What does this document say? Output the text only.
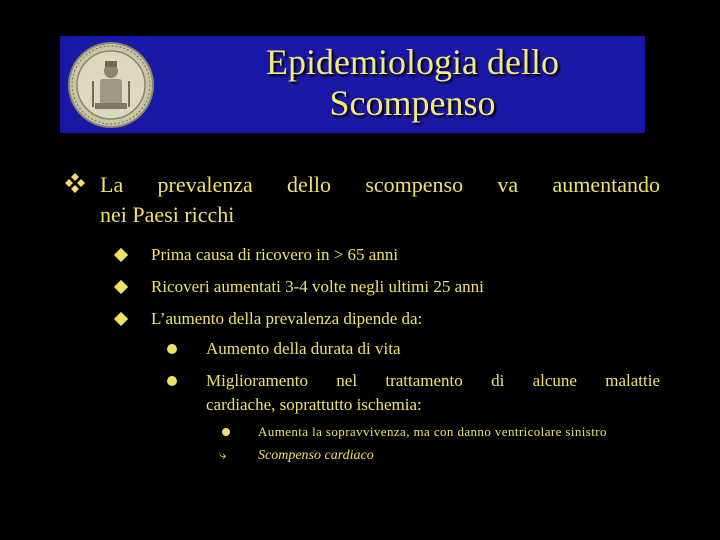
Epidemiologia dello
Scompenso
La prevalenza dello scompenso va aumentando
nei Paesi ricchi
Prima causa di ricovero in > 65 anni
Ricoveri aumentati 3-4 volte negli ultimi 25 anni
L’aumento della prevalenza dipende da:
Aumento della durata di vita
Miglioramento nel trattamento di alcune malattie
cardiache, soprattutto ischemia:
Aumenta la sopravvivenza, ma con danno ventricolare sinistro
⤷ Scompenso cardiaco
